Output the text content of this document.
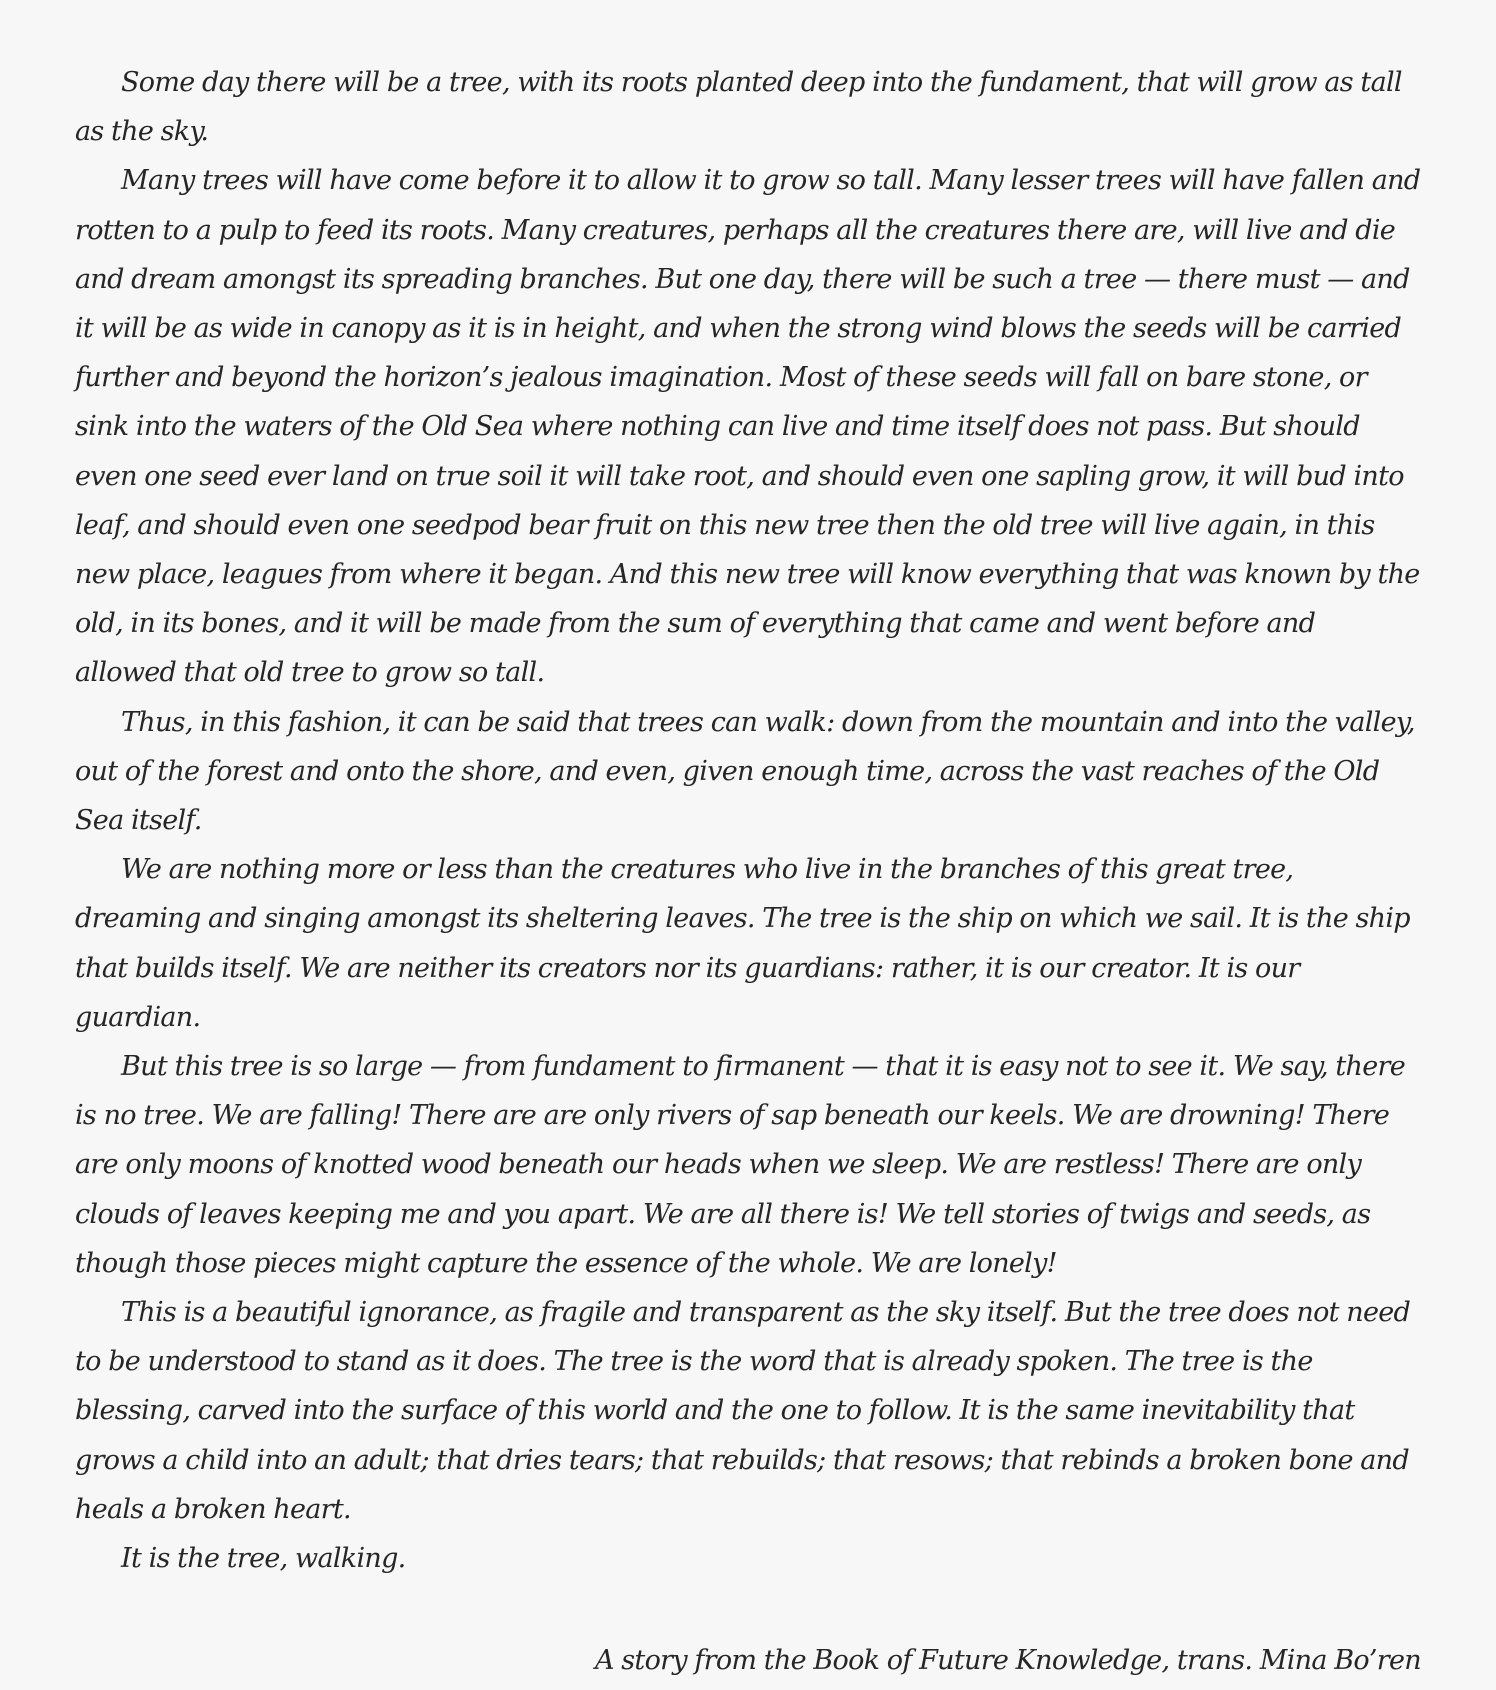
Some day there will be a tree, with its roots planted deep into the fundament, that will grow as tall as the sky.

Many trees will have come before it to allow it to grow so tall. Many lesser trees will have fallen and rotten to a pulp to feed its roots. Many creatures, perhaps all the creatures there are, will live and die and dream amongst its spreading branches. But one day, there will be such a tree — there must — and it will be as wide in canopy as it is in height, and when the strong wind blows the seeds will be carried further and beyond the horizon’s jealous imagination. Most of these seeds will fall on bare stone, or sink into the waters of the Old Sea where nothing can live and time itself does not pass. But should even one seed ever land on true soil it will take root, and should even one sapling grow, it will bud into leaf, and should even one seedpod bear fruit on this new tree then the old tree will live again, in this new place, leagues from where it began. And this new tree will know everything that was known by the old, in its bones, and it will be made from the sum of everything that came and went before and allowed that old tree to grow so tall.

Thus, in this fashion, it can be said that trees can walk: down from the mountain and into the valley, out of the forest and onto the shore, and even, given enough time, across the vast reaches of the Old Sea itself.

We are nothing more or less than the creatures who live in the branches of this great tree, dreaming and singing amongst its sheltering leaves. The tree is the ship on which we sail. It is the ship that builds itself. We are neither its creators nor its guardians: rather, it is our creator. It is our guardian.

But this tree is so large — from fundament to firmanent — that it is easy not to see it. We say, there is no tree. We are falling! There are are only rivers of sap beneath our keels. We are drowning! There are only moons of knotted wood beneath our heads when we sleep. We are restless! There are only clouds of leaves keeping me and you apart. We are all there is! We tell stories of twigs and seeds, as though those pieces might capture the essence of the whole. We are lonely!

This is a beautiful ignorance, as fragile and transparent as the sky itself. But the tree does not need to be understood to stand as it does. The tree is the word that is already spoken. The tree is the blessing, carved into the surface of this world and the one to follow. It is the same inevitability that grows a child into an adult; that dries tears; that rebuilds; that resows; that rebinds a broken bone and heals a broken heart.

It is the tree, walking.

A story from the Book of Future Knowledge, trans. Mina Bo’ren
